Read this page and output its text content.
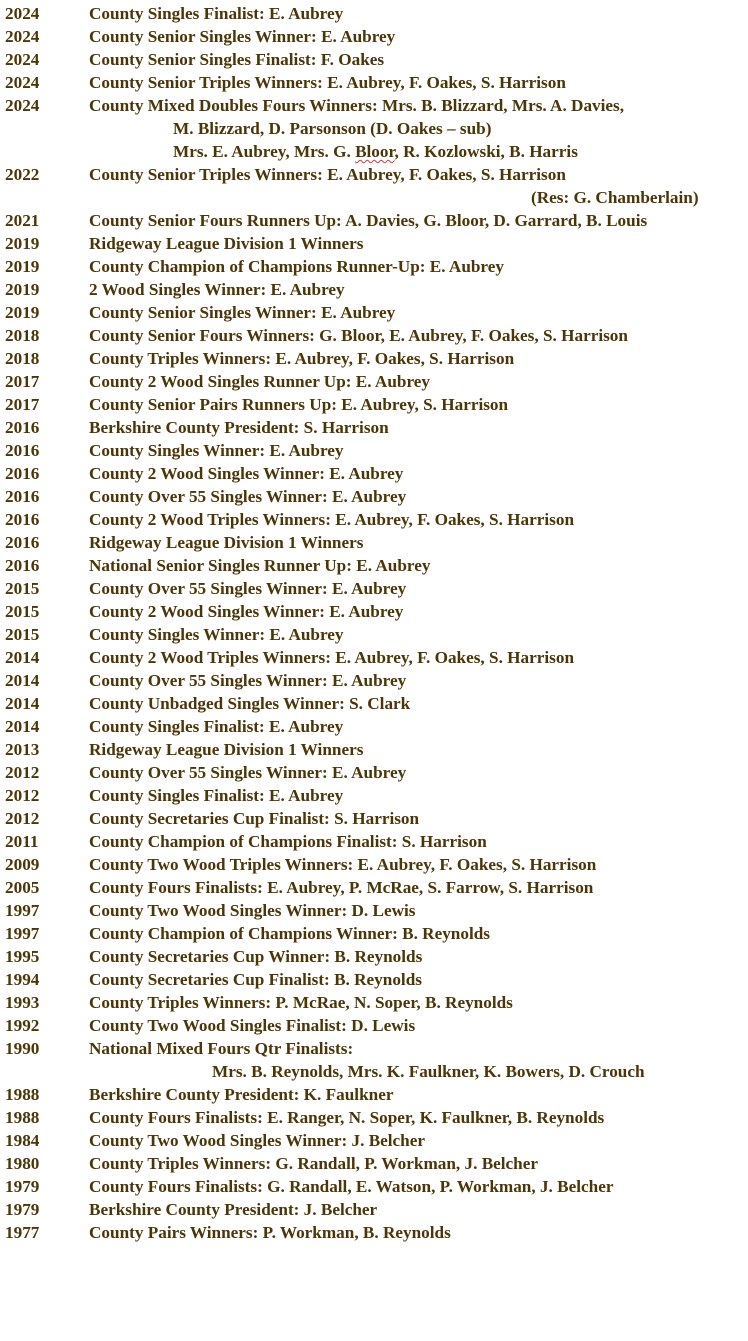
2024	County Singles Finalist: E. Aubrey
2024	County Senior Singles Winner: E. Aubrey
2024	County Senior Singles Finalist: F. Oakes
2024	County Senior Triples Winners: E. Aubrey, F. Oakes, S. Harrison
2024	County Mixed Doubles Fours Winners: Mrs. B. Blizzard, Mrs. A. Davies,
M. Blizzard, D. Parsonson (D. Oakes – sub)
Mrs. E. Aubrey, Mrs. G. Bloor, R. Kozlowski, B. Harris
2022	County Senior Triples Winners: E. Aubrey, F. Oakes, S. Harrison
(Res: G. Chamberlain)
2021	County Senior Fours Runners Up: A. Davies, G. Bloor, D. Garrard, B. Louis
2019	Ridgeway League Division 1 Winners
2019	County Champion of Champions Runner-Up: E. Aubrey
2019	2 Wood Singles Winner: E. Aubrey
2019	County Senior Singles Winner: E. Aubrey
2018	County Senior Fours Winners: G. Bloor, E. Aubrey, F. Oakes, S. Harrison
2018	County Triples Winners: E. Aubrey, F. Oakes, S. Harrison
2017	County 2 Wood Singles Runner Up: E. Aubrey
2017	County Senior Pairs Runners Up: E. Aubrey, S. Harrison
2016	Berkshire County President: S. Harrison
2016	County Singles Winner: E. Aubrey
2016	County 2 Wood Singles Winner: E. Aubrey
2016	County Over 55 Singles Winner: E. Aubrey
2016	County 2 Wood Triples Winners: E. Aubrey, F. Oakes, S. Harrison
2016	Ridgeway League Division 1 Winners
2016	National Senior Singles Runner Up: E. Aubrey
2015	County Over 55 Singles Winner: E. Aubrey
2015	County 2 Wood Singles Winner: E. Aubrey
2015	County Singles Winner: E. Aubrey
2014	County 2 Wood Triples Winners: E. Aubrey, F. Oakes, S. Harrison
2014	County Over 55 Singles Winner: E. Aubrey
2014	County Unbadged Singles Winner: S. Clark
2014	County Singles Finalist: E. Aubrey
2013	Ridgeway League Division 1 Winners
2012	County Over 55 Singles Winner: E. Aubrey
2012	County Singles Finalist: E. Aubrey
2012	County Secretaries Cup Finalist: S. Harrison
2011	County Champion of Champions Finalist: S. Harrison
2009	County Two Wood Triples Winners: E. Aubrey, F. Oakes, S. Harrison
2005	County Fours Finalists: E. Aubrey, P. McRae, S. Farrow, S. Harrison
1997	County Two Wood Singles Winner: D. Lewis
1997	County Champion of Champions Winner: B. Reynolds
1995	County Secretaries Cup Winner: B. Reynolds
1994	County Secretaries Cup Finalist: B. Reynolds
1993	County Triples Winners: P. McRae, N. Soper, B. Reynolds
1992	County Two Wood Singles Finalist: D. Lewis
1990	National Mixed Fours Qtr Finalists:
Mrs. B. Reynolds, Mrs. K. Faulkner, K. Bowers, D. Crouch
1988	Berkshire County President: K. Faulkner
1988	County Fours Finalists: E. Ranger, N. Soper, K. Faulkner, B. Reynolds
1984	County Two Wood Singles Winner: J. Belcher
1980	County Triples Winners: G. Randall, P. Workman, J. Belcher
1979	County Fours Finalists: G. Randall, E. Watson, P. Workman, J. Belcher
1979	Berkshire County President: J. Belcher
1977	County Pairs Winners: P. Workman, B. Reynolds
